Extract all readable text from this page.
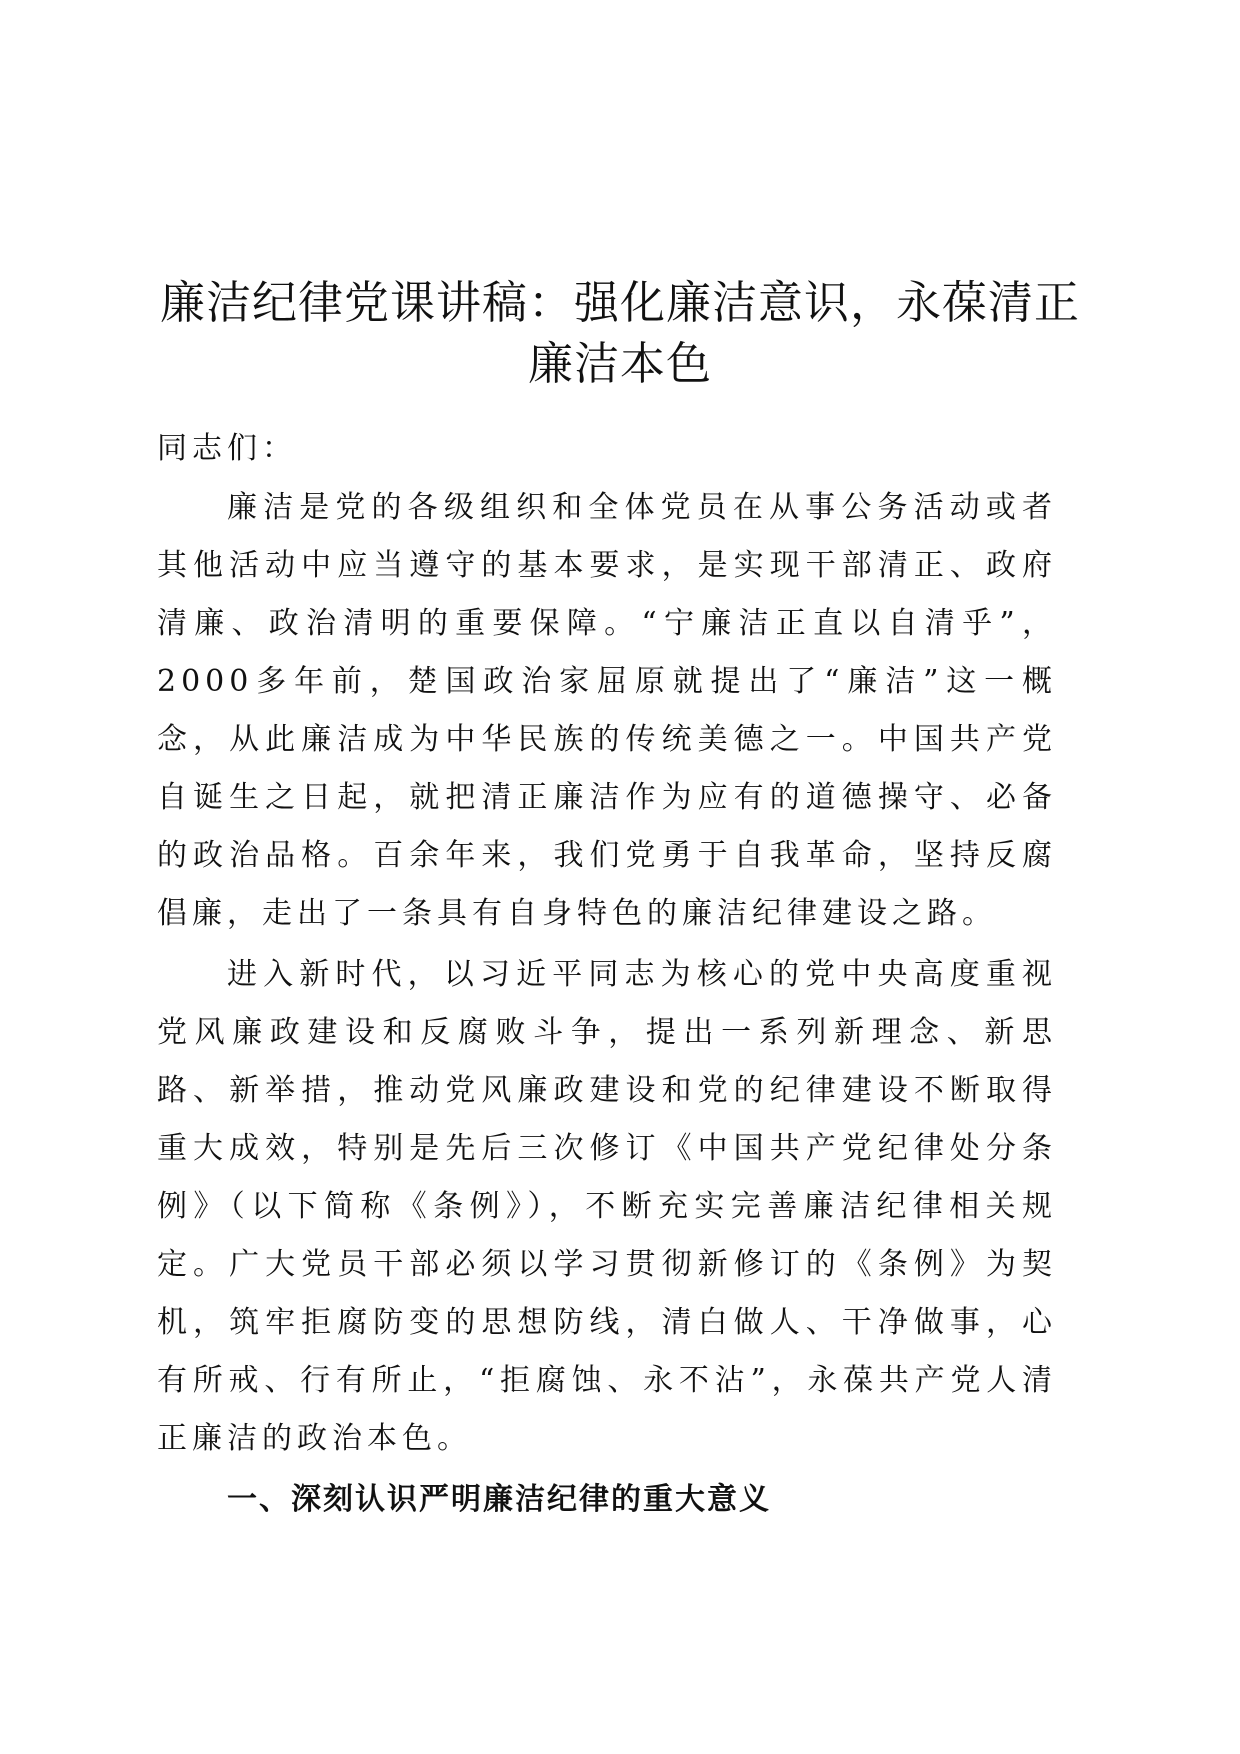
廉洁纪律党课讲稿：强化廉洁意识，永葆清正
廉洁本色

同志们：

廉洁是党的各级组织和全体党员在从事公务活动或者其他活动中应当遵守的基本要求，是实现干部清正、政府清廉、政治清明的重要保障。“宁廉洁正直以自清乎”，2000多年前，楚国政治家屈原就提出了“廉洁”这一概念，从此廉洁成为中华民族的传统美德之一。中国共产党自诞生之日起，就把清正廉洁作为应有的道德操守、必备的政治品格。百余年来，我们党勇于自我革命，坚持反腐倡廉，走出了一条具有自身特色的廉洁纪律建设之路。

进入新时代，以习近平同志为核心的党中央高度重视党风廉政建设和反腐败斗争，提出一系列新理念、新思路、新举措，推动党风廉政建设和党的纪律建设不断取得重大成效，特别是先后三次修订《中国共产党纪律处分条例》（以下简称《条例》），不断充实完善廉洁纪律相关规定。广大党员干部必须以学习贯彻新修订的《条例》为契机，筑牢拒腐防变的思想防线，清白做人、干净做事，心有所戒、行有所止，“拒腐蚀、永不沾”，永葆共产党人清正廉洁的政治本色。

一、深刻认识严明廉洁纪律的重大意义
